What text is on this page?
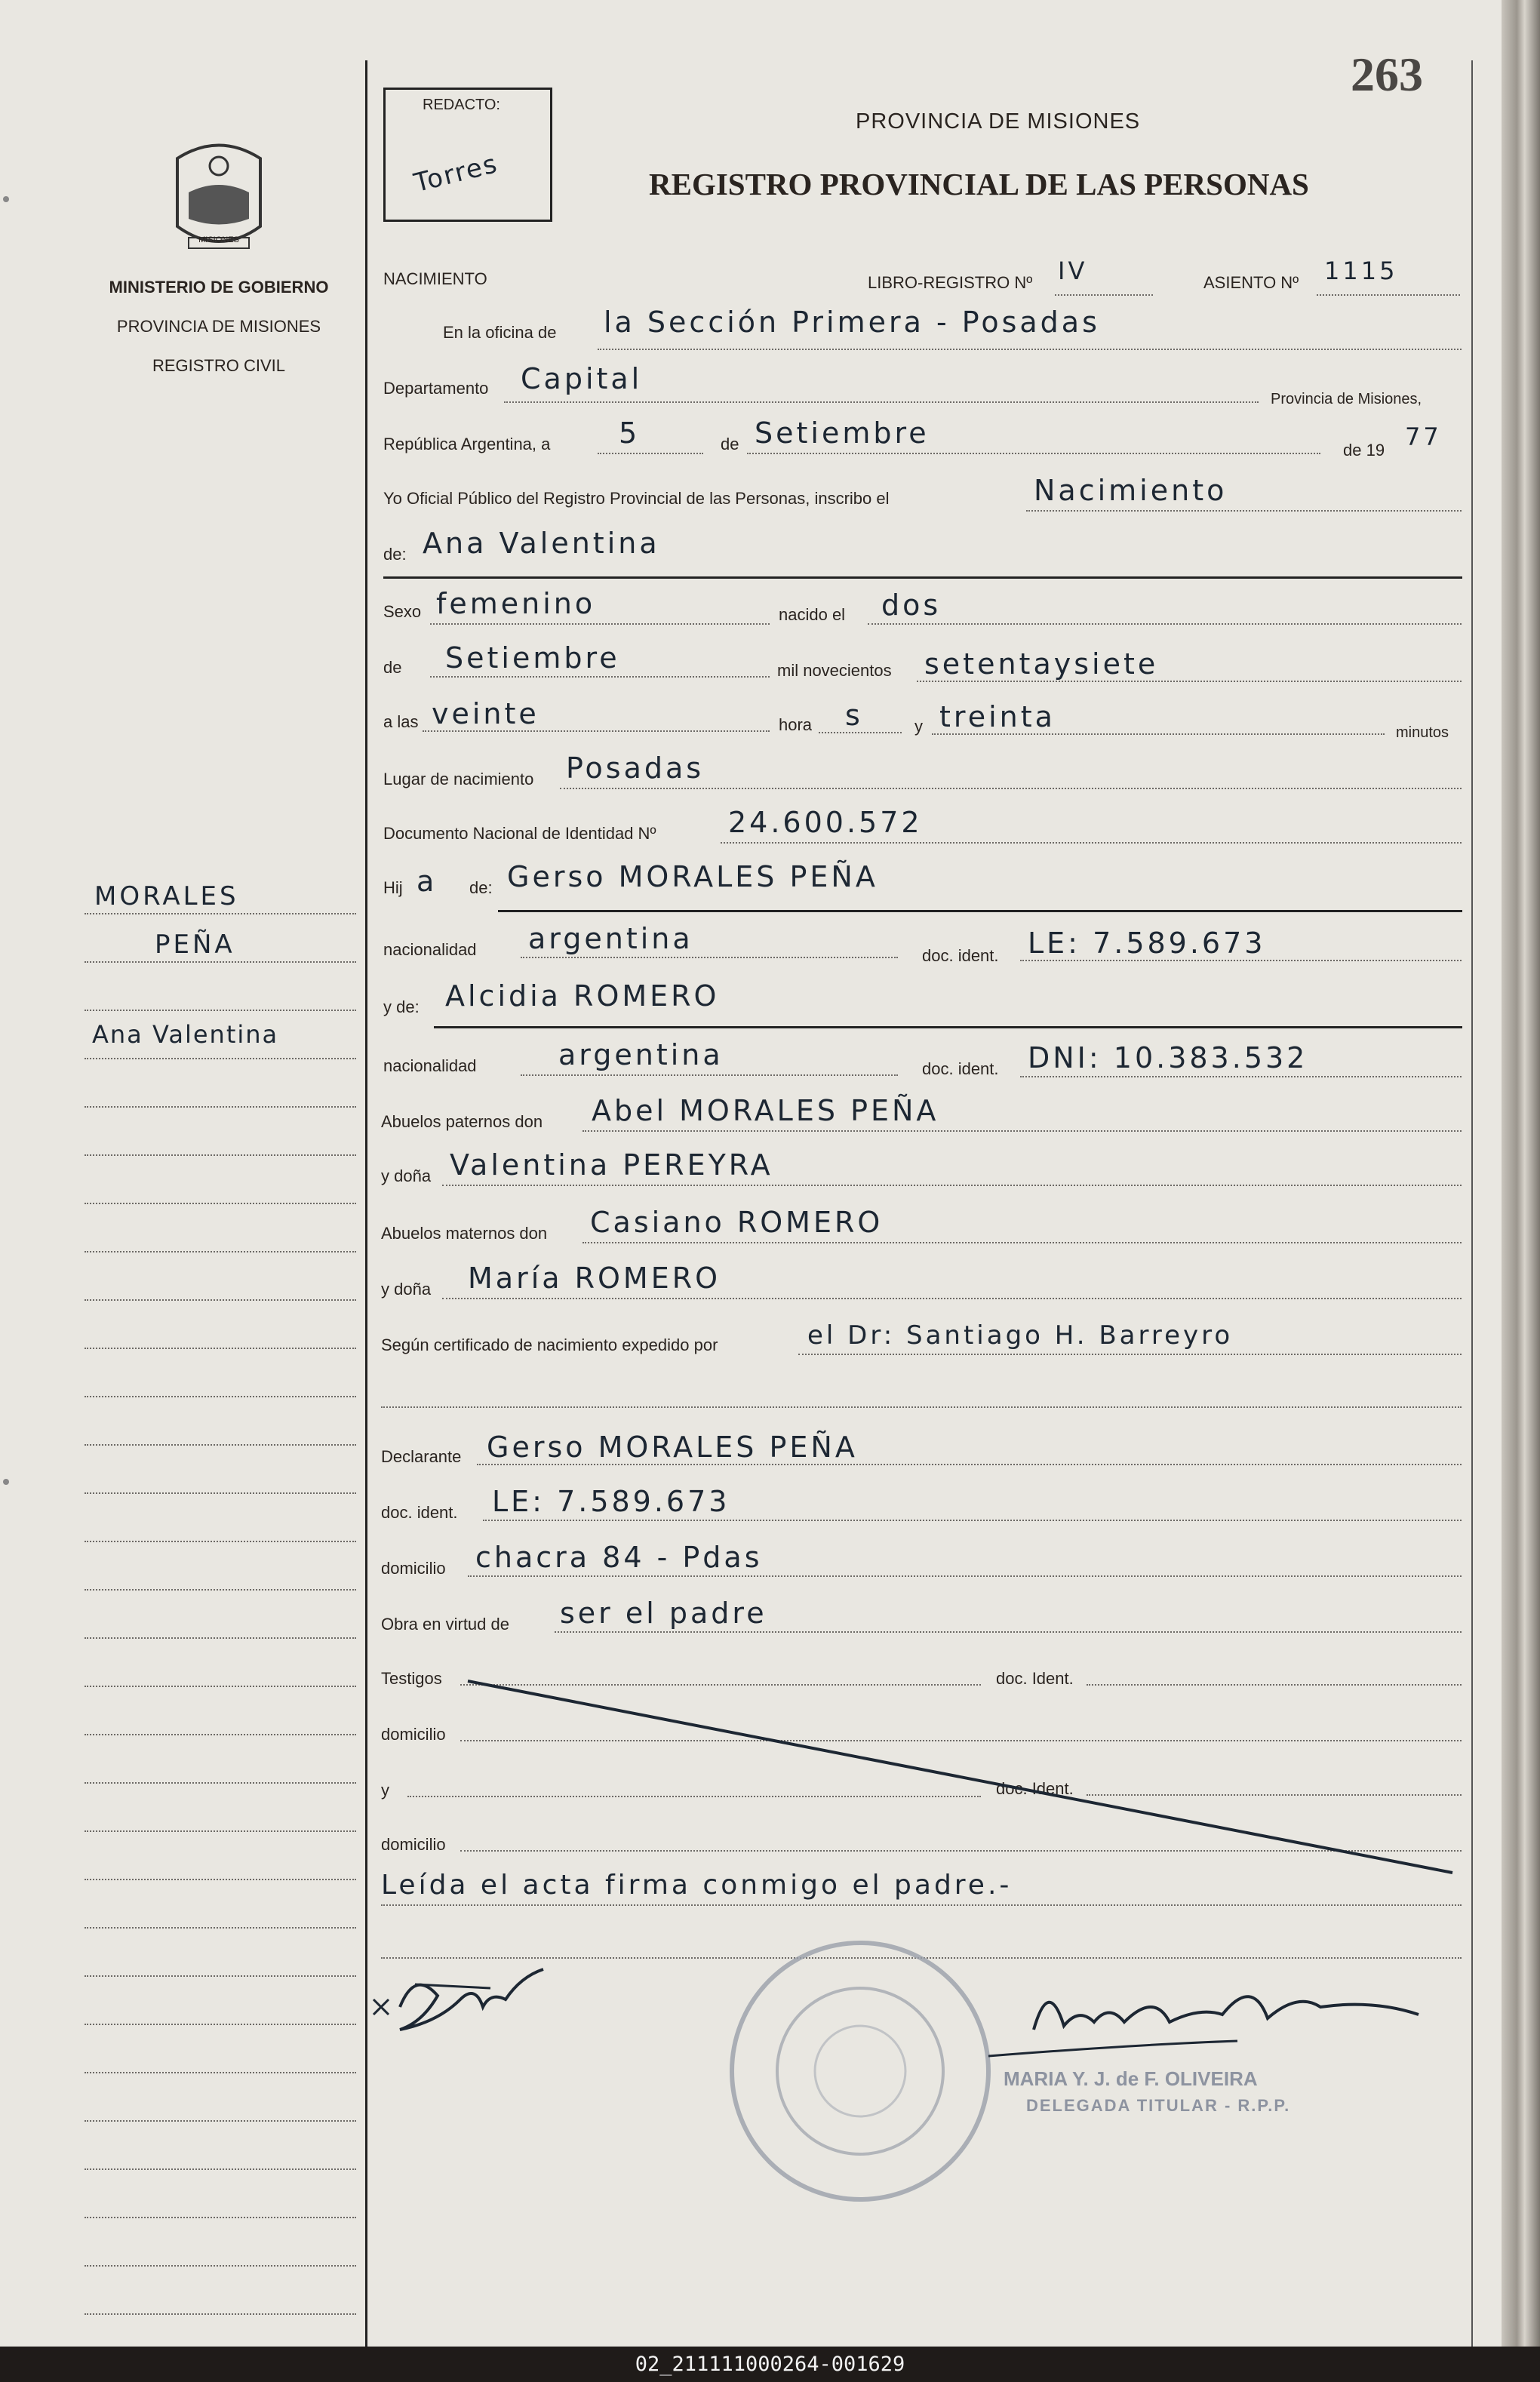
263
MISIONES
MINISTERIO DE GOBIERNO
PROVINCIA DE MISIONES
REGISTRO CIVIL
REDACTO:
Torres
PROVINCIA DE MISIONES
REGISTRO PROVINCIAL DE LAS PERSONAS
NACIMIENTO	LIBRO-REGISTRO Nº IV	ASIENTO Nº 1115
En la oficina de la Sección Primera - Posadas
Departamento Capital
Provincia de Misiones,
República Argentina, a 5	de Setiembre
de 19 77
Yo Oficial Público del Registro Provincial de las Personas, inscribo el	Nacimiento
de: Ana Valentina
Sexo femenino	nacido el dos
de Setiembre	mil novecientos setentaysiete
a las veinte	hora s	y treinta	minutos
Lugar de nacimiento Posadas
Documento Nacional de Identidad Nº	24.600.572
Hij a de: Gerso MORALES PEÑA
nacionalidad argentina
doc. ident. LE: 7.589.673
y de: Alcidia ROMERO
nacionalidad	argentina	doc. ident. DNI: 10.383.532
Abuelos paternos don Abel MORALES PEÑA
y doña Valentina PEREYRA
Abuelos maternos don Casiano ROMERO
y doña María ROMERO
Según certificado de nacimiento expedido por	el Dr: Santiago H. Barreyro
Declarante Gerso MORALES PEÑA
doc. ident. LE: 7.589.673
domicilio chacra 84 - Pdas
Obra en virtud de ser el padre
Testigos	doc. Ident.
domicilio
y	doc. Ident.
domicilio
Leída el acta firma conmigo el padre.-
MARIA Y. J. de F. OLIVEIRA
DELEGADA TITULAR - R.P.P.
MORALES
PEÑA
Ana Valentina
02_211111000264-001629
